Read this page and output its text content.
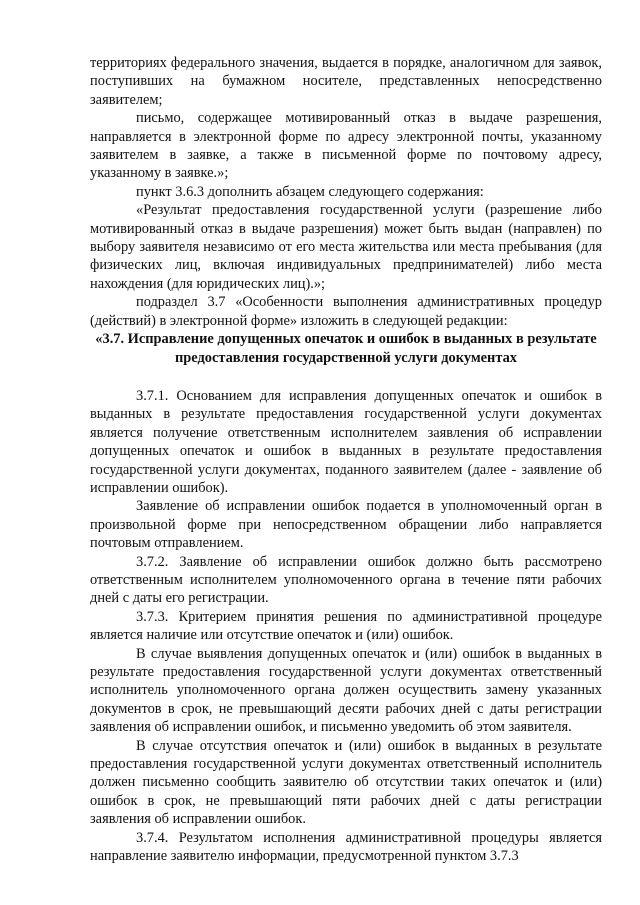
территориях федерального значения, выдается в порядке, аналогичном для заявок, поступивших на бумажном носителе, представленных непосредственно заявителем;

письмо, содержащее мотивированный отказ в выдаче разрешения, направляется в электронной форме по адресу электронной почты, указанному заявителем в заявке, а также в письменной форме по почтовому адресу, указанному в заявке.»;

пункт 3.6.3 дополнить абзацем следующего содержания:

«Результат предоставления государственной услуги (разрешение либо мотивированный отказ в выдаче разрешения) может быть выдан (направлен) по выбору заявителя независимо от его места жительства или места пребывания (для физических лиц, включая индивидуальных предпринимателей) либо места нахождения (для юридических лиц).»;

подраздел 3.7 «Особенности выполнения административных процедур (действий) в электронной форме» изложить в следующей редакции:

«3.7. Исправление допущенных опечаток и ошибок в выданных в результате предоставления государственной услуги документах

3.7.1. Основанием для исправления допущенных опечаток и ошибок в выданных в результате предоставления государственной услуги документах является получение ответственным исполнителем заявления об исправлении допущенных опечаток и ошибок в выданных в результате предоставления государственной услуги документах, поданного заявителем (далее - заявление об исправлении ошибок).

Заявление об исправлении ошибок подается в уполномоченный орган в произвольной форме при непосредственном обращении либо направляется почтовым отправлением.

3.7.2. Заявление об исправлении ошибок должно быть рассмотрено ответственным исполнителем уполномоченного органа в течение пяти рабочих дней с даты его регистрации.

3.7.3. Критерием принятия решения по административной процедуре является наличие или отсутствие опечаток и (или) ошибок.

В случае выявления допущенных опечаток и (или) ошибок в выданных в результате предоставления государственной услуги документах ответственный исполнитель уполномоченного органа должен осуществить замену указанных документов в срок, не превышающий десяти рабочих дней с даты регистрации заявления об исправлении ошибок, и письменно уведомить об этом заявителя.

В случае отсутствия опечаток и (или) ошибок в выданных в результате предоставления государственной услуги документах ответственный исполнитель должен письменно сообщить заявителю об отсутствии таких опечаток и (или) ошибок в срок, не превышающий пяти рабочих дней с даты регистрации заявления об исправлении ошибок.

3.7.4. Результатом исполнения административной процедуры является направление заявителю информации, предусмотренной пунктом 3.7.3
